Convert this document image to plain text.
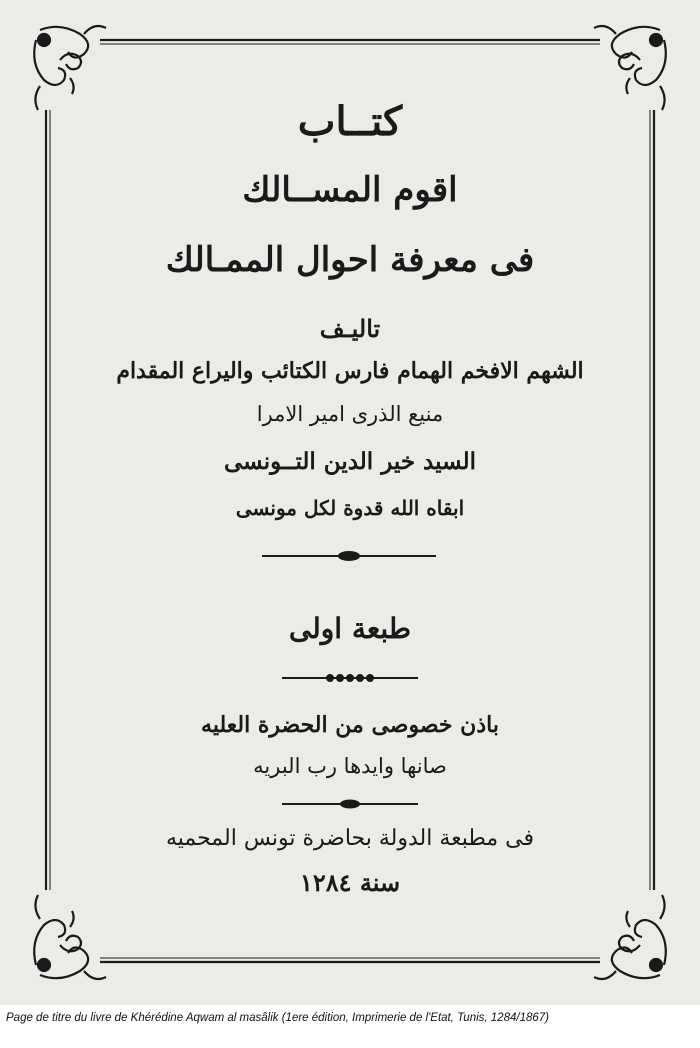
كتــاب
اقوم المســالك
فى معرفة احوال الممـالك
تاليـف
الشهم الافخم الهمام فارس الكتائب واليراع المقدام
منيع الذرى امير الامرا
السيد خير الدين التــونسى
ابقاه الله قدوة لكل مونسى
طبعة اولى
باذن خصوصى من الحضرة العليه
صانها وايدها رب البريه
فى مطبعة الدولة بحاضرة تونس المحميه
سنة ١٢٨٤
Page de titre du livre de Khérédine Aqwam al masâlik (1ere édition, Imprimerie de l'Etat, Tunis, 1284/1867)
